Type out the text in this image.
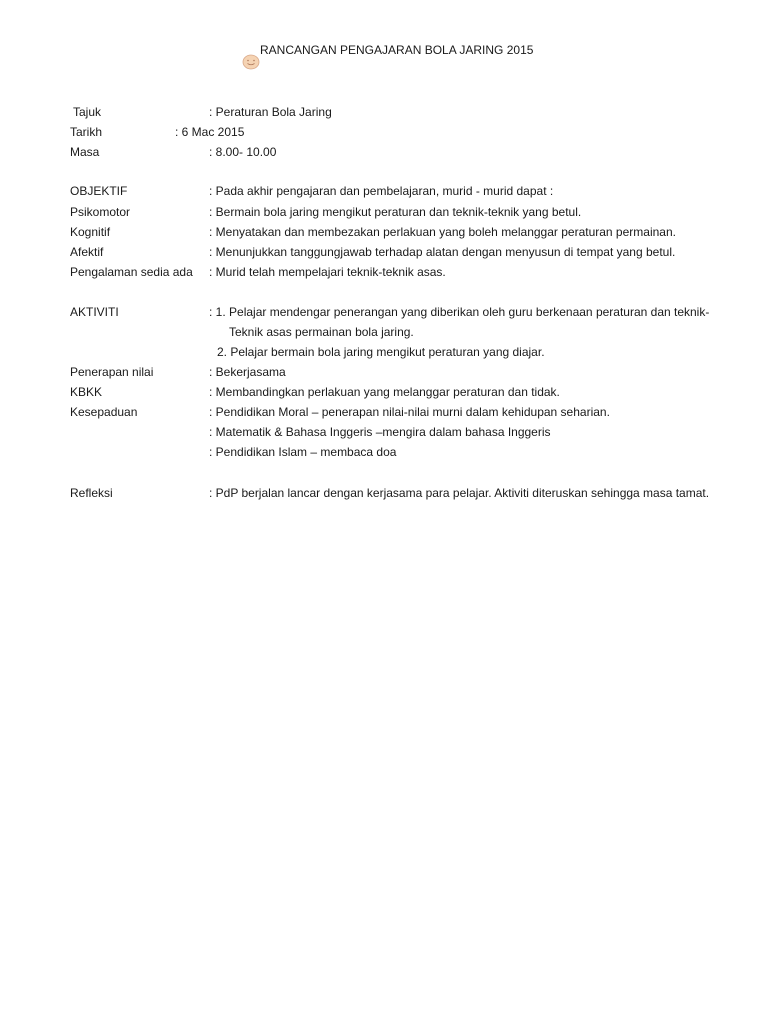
RANCANGAN PENGAJARAN BOLA JARING 2015
Tajuk	: Peraturan Bola Jaring
Tarikh	: 6 Mac 2015
Masa	: 8.00- 10.00
OBJEKTIF	: Pada akhir pengajaran dan pembelajaran, murid - murid dapat :
Psikomotor	: Bermain bola jaring mengikut peraturan dan teknik-teknik yang betul.
Kognitif	: Menyatakan dan membezakan perlakuan yang boleh melanggar peraturan permainan.
Afektif	: Menunjukkan tanggungjawab terhadap alatan dengan menyusun di tempat yang betul.
Pengalaman sedia ada : Murid telah mempelajari teknik-teknik asas.
AKTIVITI	: 1. Pelajar mendengar penerangan yang diberikan oleh guru berkenaan peraturan dan teknik-
Teknik asas permainan bola jaring.
2. Pelajar bermain bola jaring mengikut peraturan yang diajar.
Penerapan nilai	: Bekerjasama
KBKK	: Membandingkan perlakuan yang melanggar peraturan dan tidak.
Kesepaduan	: Pendidikan Moral – penerapan nilai-nilai murni dalam kehidupan seharian.
: Matematik & Bahasa Inggeris –mengira dalam bahasa Inggeris
: Pendidikan Islam – membaca doa
Refleksi	: PdP berjalan lancar dengan kerjasama para pelajar. Aktiviti diteruskan sehingga masa tamat.
